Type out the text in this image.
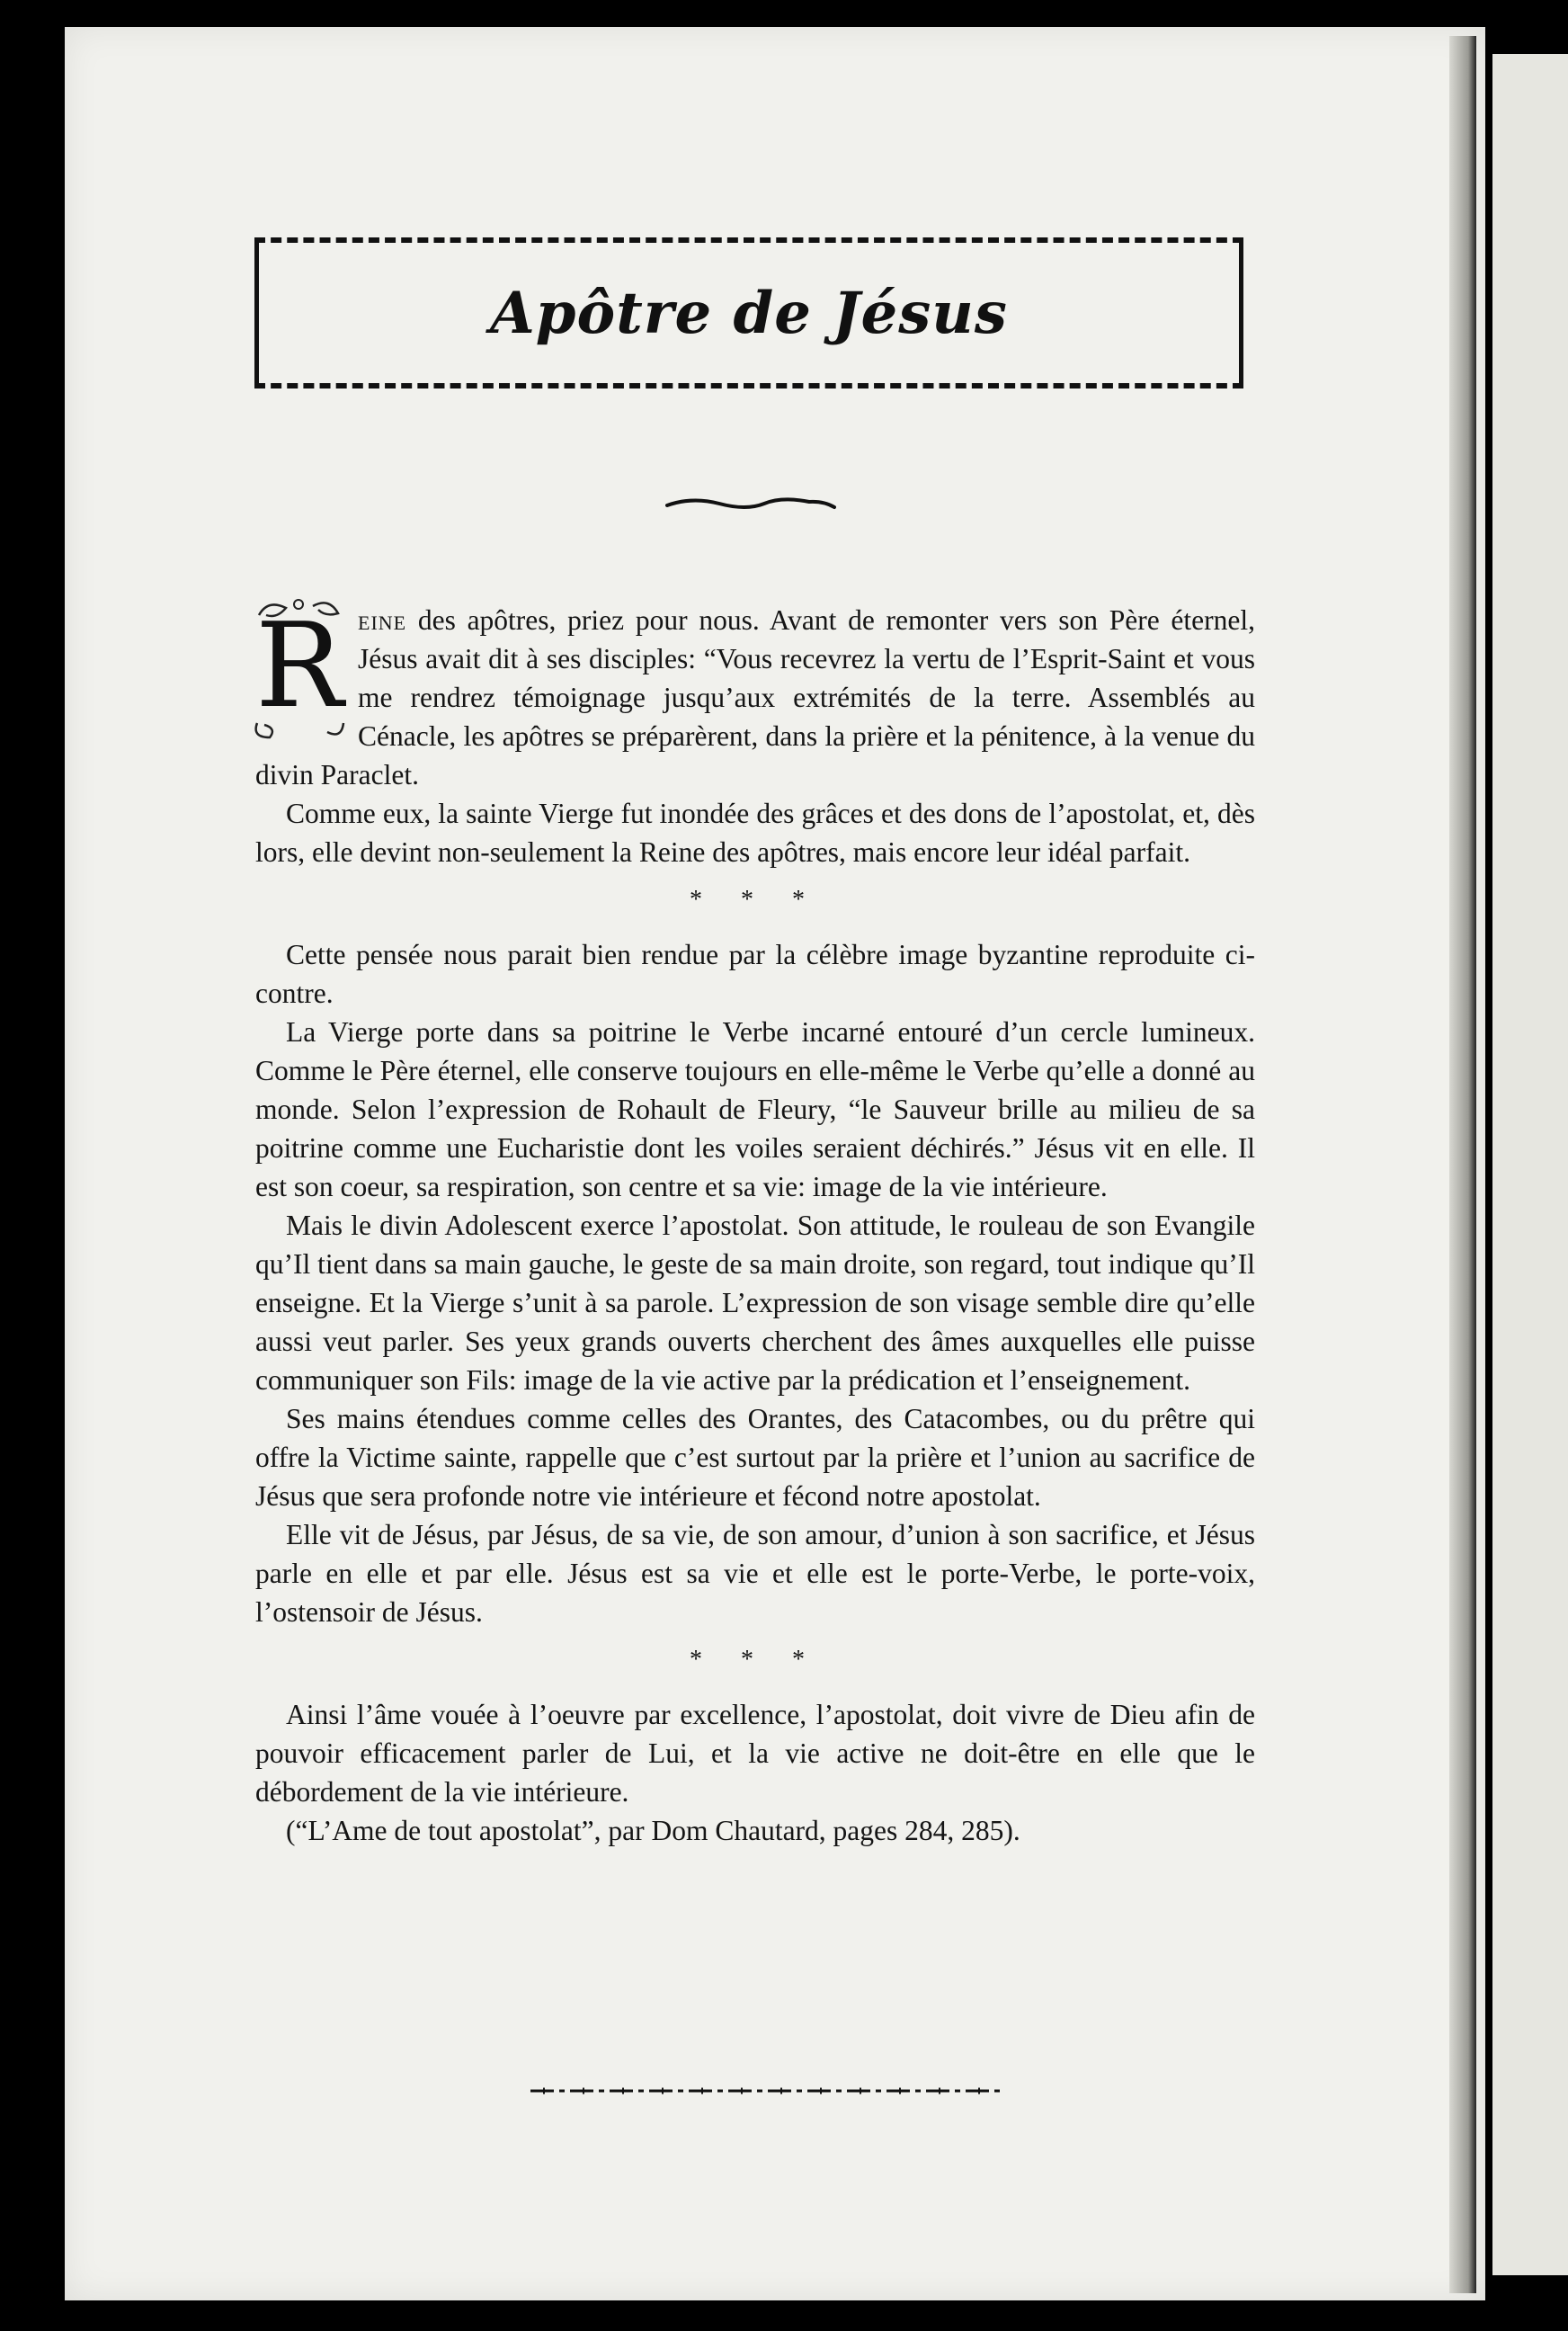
Apôtre de Jésus

R eine des apôtres, priez pour nous. Avant de remonter vers son Père éternel, Jésus avait dit à ses disciples: “Vous recevrez la vertu de l’Esprit-Saint et vous me rendrez témoignage jusqu’aux extrémités de la terre. Assemblés au Cénacle, les apôtres se préparèrent, dans la prière et la pénitence, à la venue du divin Paraclet.

Comme eux, la sainte Vierge fut inondée des grâces et des dons de l’apostolat, et, dès lors, elle devint non-seulement la Reine des apôtres, mais encore leur idéal parfait.

* * *

Cette pensée nous parait bien rendue par la célèbre image byzantine reproduite ci-contre.

La Vierge porte dans sa poitrine le Verbe incarné entouré d’un cercle lumineux. Comme le Père éternel, elle conserve toujours en elle-même le Verbe qu’elle a donné au monde. Selon l’expression de Rohault de Fleury, “le Sauveur brille au milieu de sa poitrine comme une Eucharistie dont les voiles seraient déchirés.” Jésus vit en elle. Il est son coeur, sa respiration, son centre et sa vie: image de la vie intérieure.

Mais le divin Adolescent exerce l’apostolat. Son attitude, le rouleau de son Evangile qu’Il tient dans sa main gauche, le geste de sa main droite, son regard, tout indique qu’Il enseigne. Et la Vierge s’unit à sa parole. L’expression de son visage semble dire qu’elle aussi veut parler. Ses yeux grands ouverts cherchent des âmes auxquelles elle puisse communiquer son Fils: image de la vie active par la prédication et l’enseignement.

Ses mains étendues comme celles des Orantes, des Catacombes, ou du prêtre qui offre la Victime sainte, rappelle que c’est surtout par la prière et l’union au sacrifice de Jésus que sera profonde notre vie intérieure et fécond notre apostolat.

Elle vit de Jésus, par Jésus, de sa vie, de son amour, d’union à son sacrifice, et Jésus parle en elle et par elle. Jésus est sa vie et elle est le porte-Verbe, le porte-voix, l’ostensoir de Jésus.

* * *

Ainsi l’âme vouée à l’oeuvre par excellence, l’apostolat, doit vivre de Dieu afin de pouvoir efficacement parler de Lui, et la vie active ne doit-être en elle que le débordement de la vie intérieure.

(“L’Ame de tout apostolat”, par Dom Chautard, pages 284, 285).
